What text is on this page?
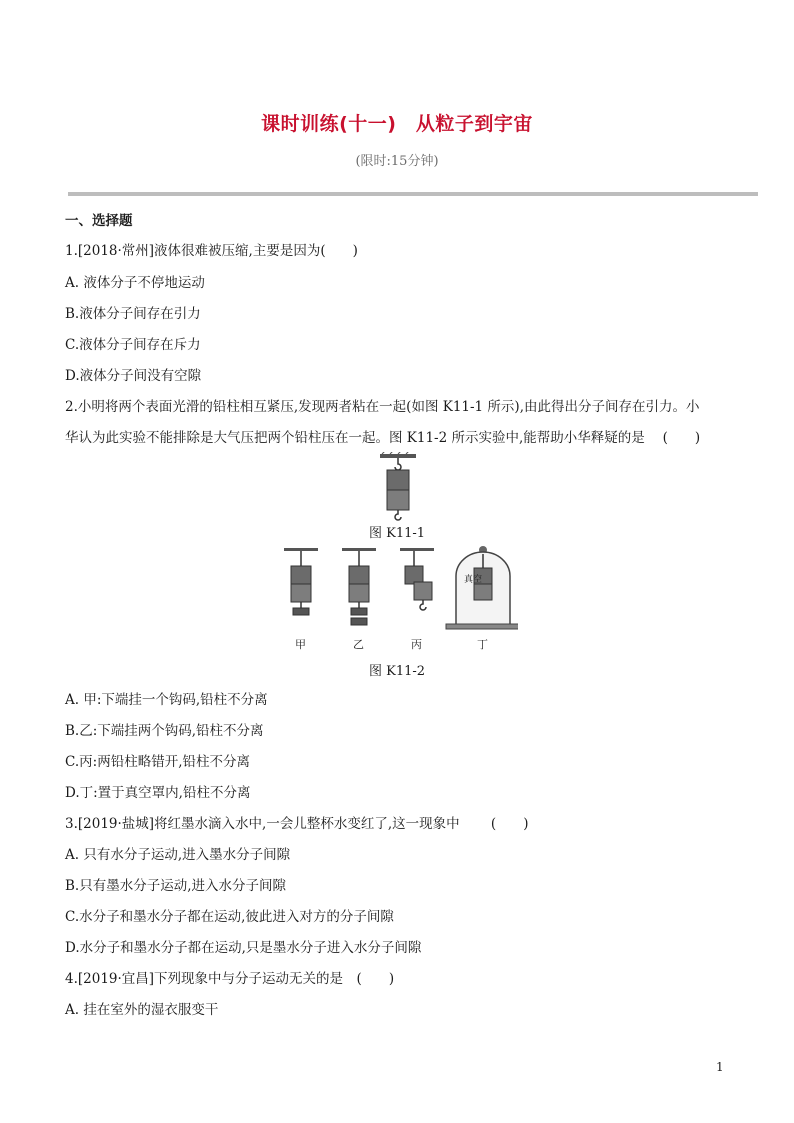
课时训练(十一)　从粒子到宇宙
(限时:15分钟)
一、选择题
1.[2018·常州]液体很难被压缩,主要是因为(　　)
A. 液体分子不停地运动
B.液体分子间存在引力
C.液体分子间存在斥力
D.液体分子间没有空隙
2.小明将两个表面光滑的铅柱相互紧压,发现两者粘在一起(如图 K11-1 所示),由此得出分子间存在引力。小
华认为此实验不能排除是大气压把两个铅柱压在一起。图 K11-2 所示实验中,能帮助小华释疑的是　 (　　)
图 K11-1
真空
甲	乙	丙	丁
图 K11-2
A. 甲:下端挂一个钩码,铅柱不分离
B.乙:下端挂两个钩码,铅柱不分离
C.丙:两铅柱略错开,铅柱不分离
D.丁:置于真空罩内,铅柱不分离
3.[2019·盐城]将红墨水滴入水中,一会儿整杯水变红了,这一现象中　　 (　　)
A. 只有水分子运动,进入墨水分子间隙
B.只有墨水分子运动,进入水分子间隙
C.水分子和墨水分子都在运动,彼此进入对方的分子间隙
D.水分子和墨水分子都在运动,只是墨水分子进入水分子间隙
4.[2019·宜昌]下列现象中与分子运动无关的是　(　　)
A. 挂在室外的湿衣服变干
1
